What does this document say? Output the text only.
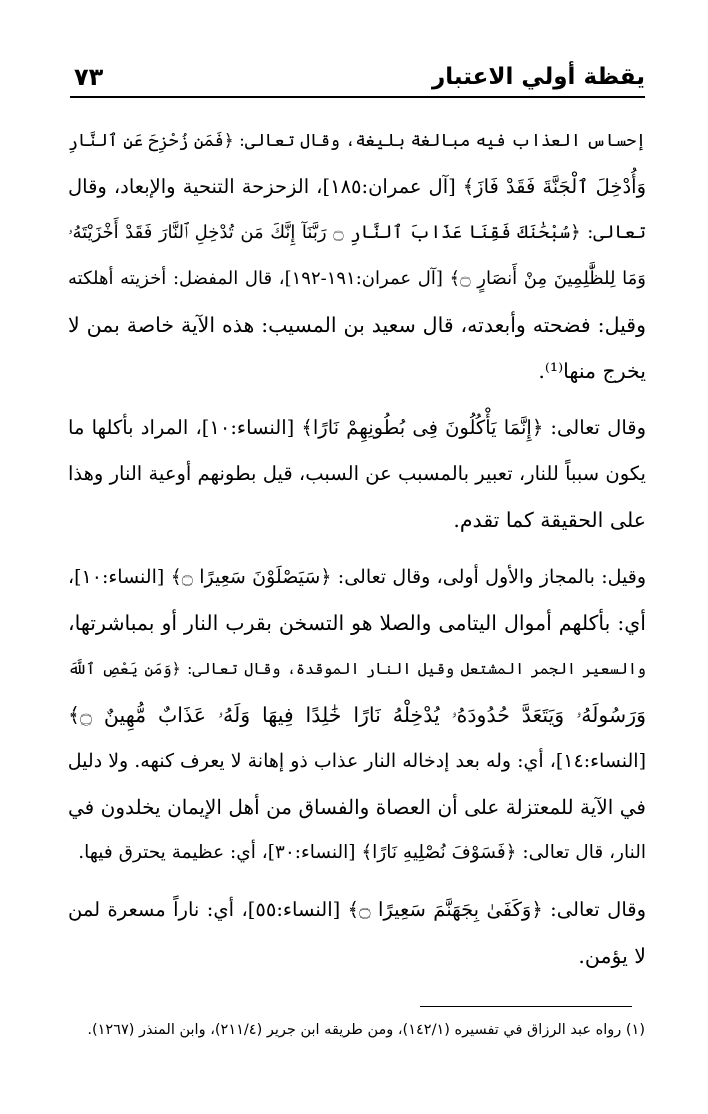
يقظة أولي الاعتبار
٧٣

إحساس العذاب فيه مبالغة بليغة، وقال تعالى: ﴿فَمَن زُحْزِحَ عَنِ ٱلنَّارِ
وَأُدْخِلَ ٱلْجَنَّةَ فَقَدْ فَازَ﴾ [آل عمران:١٨٥]، الزحزحة التنحية والإبعاد، وقال
تعالى: ﴿سُبْحَٰنَكَ فَقِنَا عَذَابَ ٱلنَّارِ ۝ رَبَّنَآ إِنَّكَ مَن تُدْخِلِ ٱلنَّارَ فَقَدْ أَخْزَيْتَهُۥ
وَمَا لِلظَّٰلِمِينَ مِنْ أَنصَارٍ ۝﴾ [آل عمران:١٩١-١٩٢]، قال المفضل: أخزيته أهلكته
وقيل: فضحته وأبعدته، قال سعيد بن المسيب: هذه الآية خاصة بمن لا
يخرج منها⁽¹⁾.

وقال تعالى: ﴿إِنَّمَا يَأْكُلُونَ فِى بُطُونِهِمْ نَارًا﴾ [النساء:١٠]، المراد بأكلها ما
يكون سبباً للنار، تعبير بالمسبب عن السبب، قيل بطونهم أوعية النار وهذا
على الحقيقة كما تقدم.

وقيل: بالمجاز والأول أولى، وقال تعالى: ﴿سَيَصْلَوْنَ سَعِيرًا ۝﴾ [النساء:١٠]،
أي: بأكلهم أموال اليتامى والصلا هو التسخن بقرب النار أو بمباشرتها،
والسعير الجمر المشتعل وقيل النار الموقدة، وقال تعالى: ﴿وَمَن يَعْصِ ٱللَّهَ
وَرَسُولَهُۥ وَيَتَعَدَّ حُدُودَهُۥ يُدْخِلْهُ نَارًا خَٰلِدًا فِيهَا وَلَهُۥ عَذَابٌ مُّهِينٌ ۝﴾
[النساء:١٤]، أي: وله بعد إدخاله النار عذاب ذو إهانة لا يعرف كنهه. ولا دليل
في الآية للمعتزلة على أن العصاة والفساق من أهل الإيمان يخلدون في
النار، قال تعالى: ﴿فَسَوْفَ نُصْلِيهِ نَارًا﴾ [النساء:٣٠]، أي: عظيمة يحترق فيها.

وقال تعالى: ﴿وَكَفَىٰ بِجَهَنَّمَ سَعِيرًا ۝﴾ [النساء:٥٥]، أي: ناراً مسعرة لمن
لا يؤمن.

(١) رواه عبد الرزاق في تفسيره (١٤٢/١)، ومن طريقه ابن جرير (٢١١/٤)، وابن المنذر (١٢٦٧).
